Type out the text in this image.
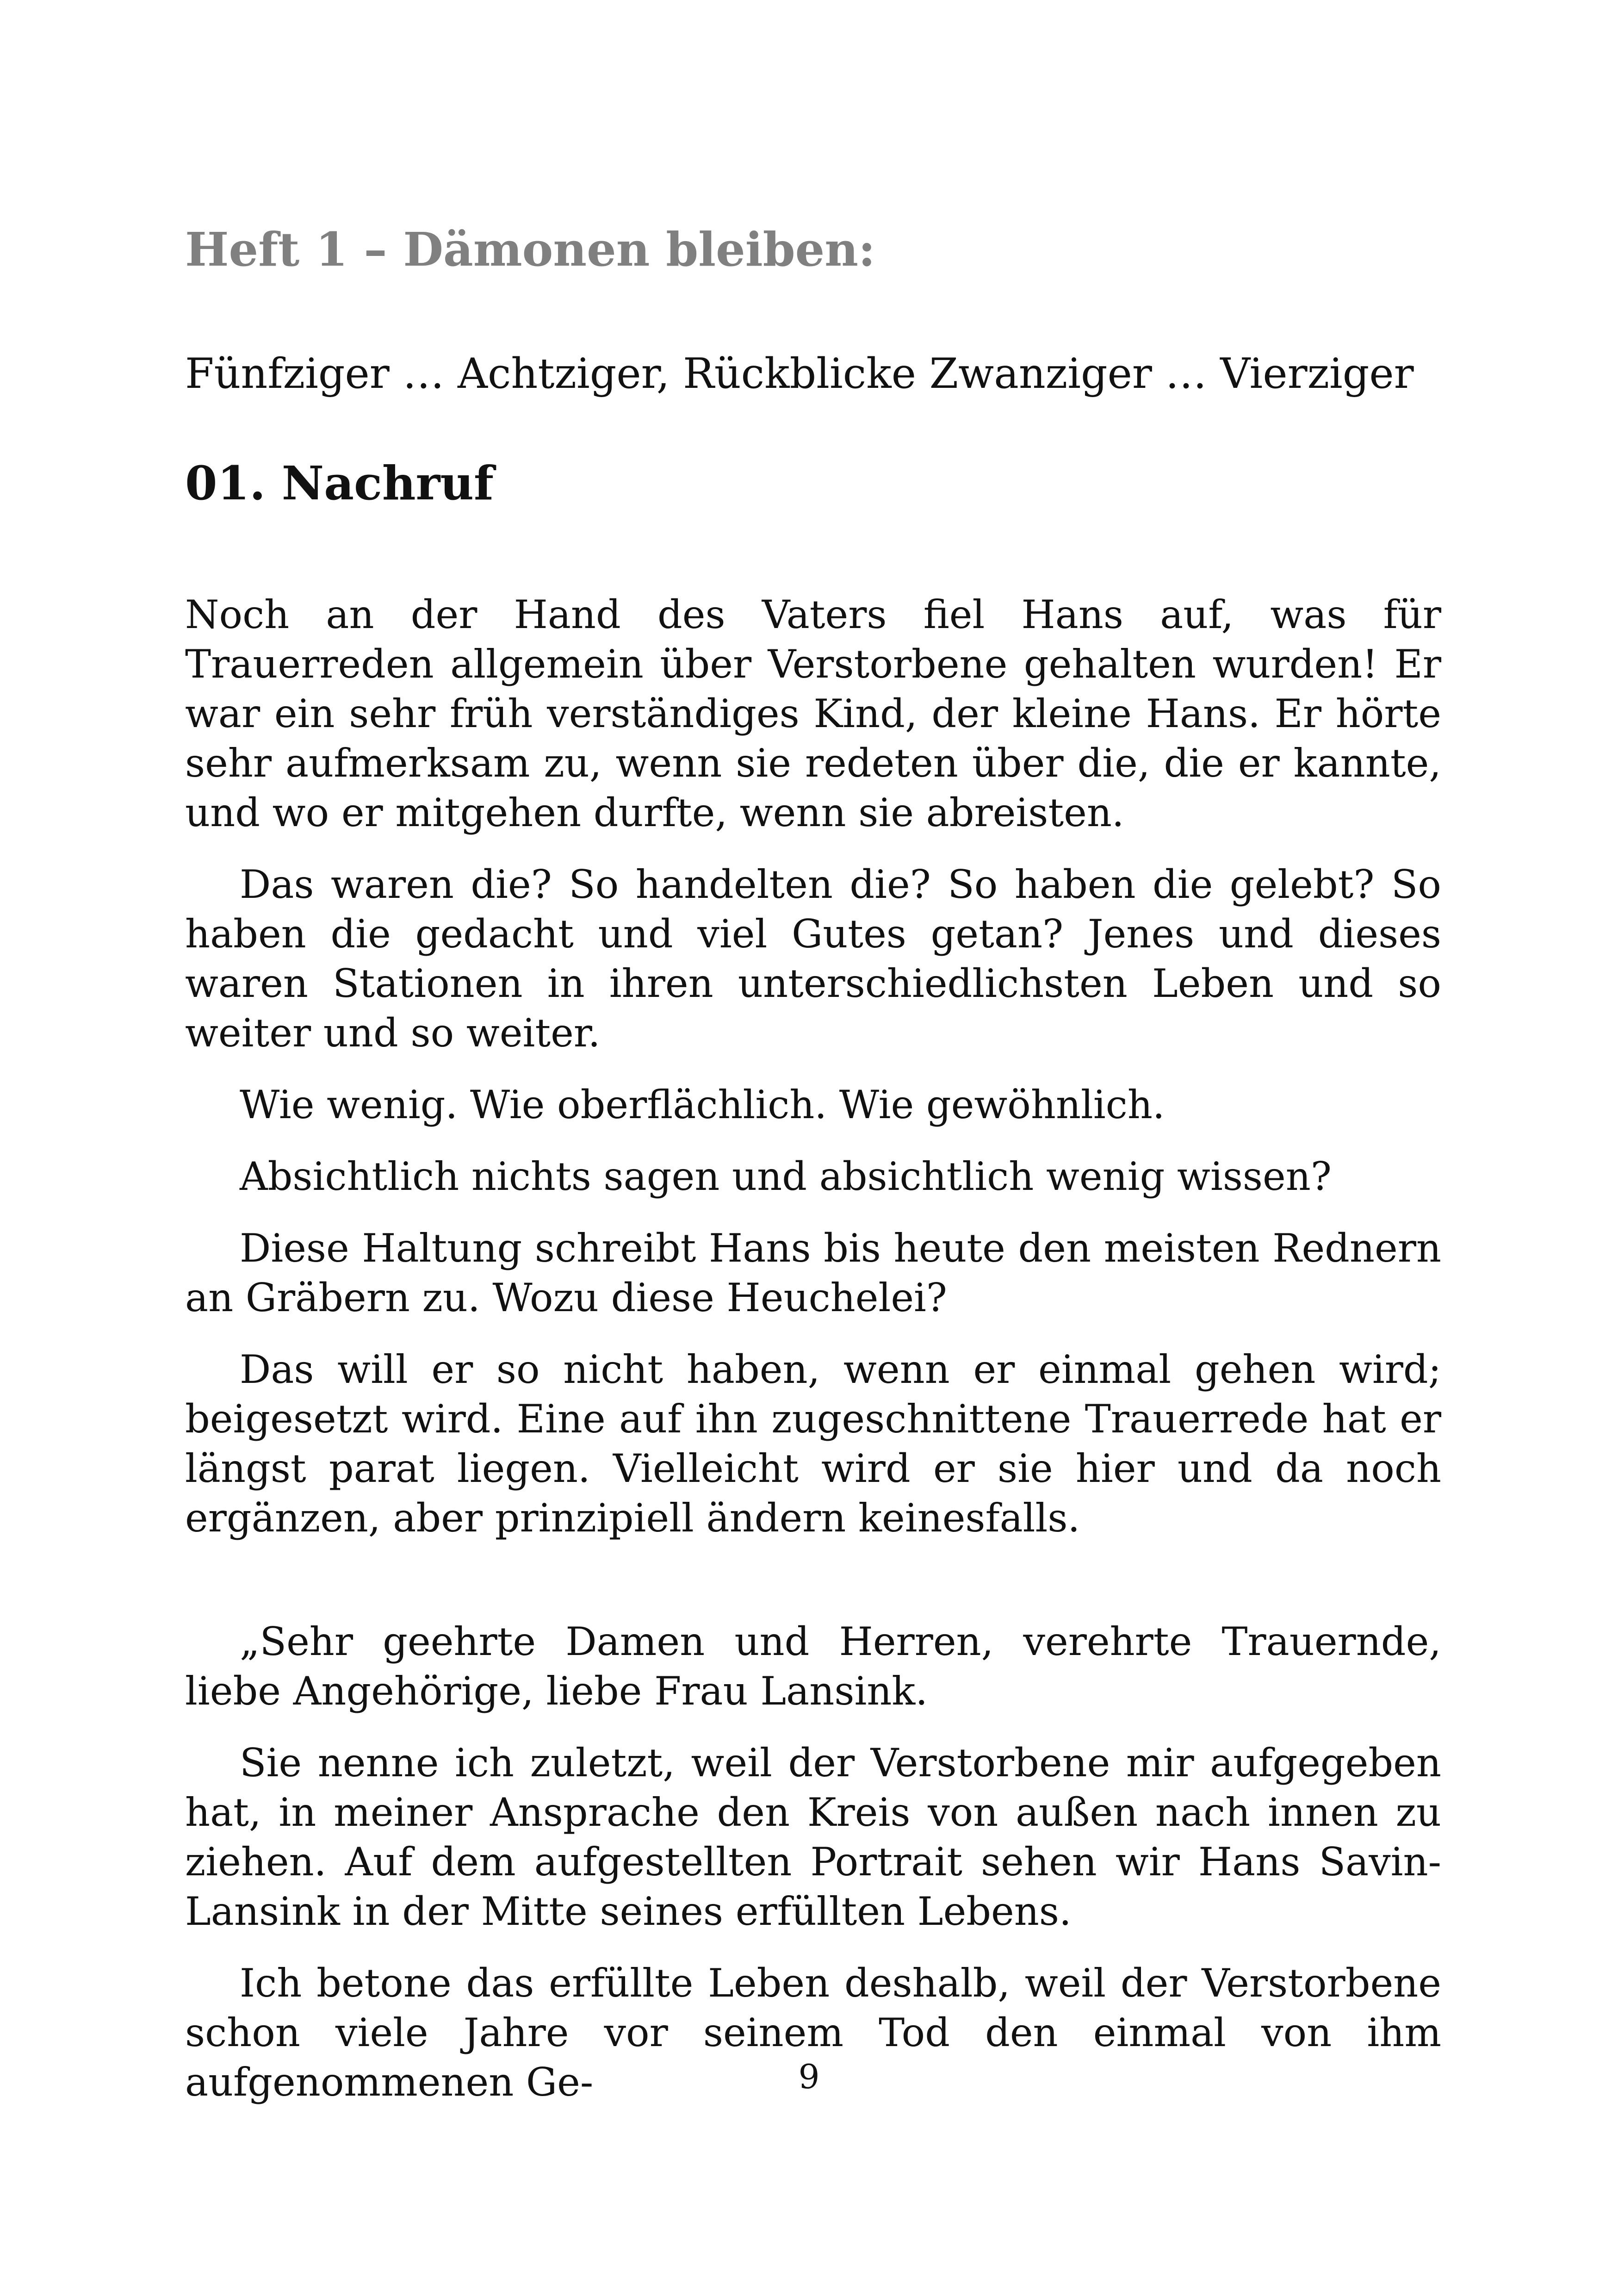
Heft 1 – Dämonen bleiben:

Fünfziger … Achtziger, Rückblicke Zwanziger … Vierziger

01. Nachruf

Noch an der Hand des Vaters fiel Hans auf, was für Trauerreden allgemein über Verstorbene gehalten wurden! Er war ein sehr früh verständiges Kind, der kleine Hans. Er hörte sehr aufmerksam zu, wenn sie redeten über die, die er kannte, und wo er mitgehen durfte, wenn sie abreisten.

Das waren die? So handelten die? So haben die gelebt? So haben die gedacht und viel Gutes getan? Jenes und dieses waren Stationen in ihren unterschiedlichsten Leben und so weiter und so weiter.

Wie wenig. Wie oberflächlich. Wie gewöhnlich.

Absichtlich nichts sagen und absichtlich wenig wissen?

Diese Haltung schreibt Hans bis heute den meisten Rednern an Gräbern zu. Wozu diese Heuchelei?

Das will er so nicht haben, wenn er einmal gehen wird; beigesetzt wird. Eine auf ihn zugeschnittene Trauerrede hat er längst parat liegen. Vielleicht wird er sie hier und da noch ergänzen, aber prinzipiell ändern keinesfalls.

„Sehr geehrte Damen und Herren, verehrte Trauernde, liebe Angehörige, liebe Frau Lansink.

Sie nenne ich zuletzt, weil der Verstorbene mir aufgegeben hat, in meiner Ansprache den Kreis von außen nach innen zu ziehen. Auf dem aufgestellten Portrait sehen wir Hans Savin-Lansink in der Mitte seines erfüllten Lebens.

Ich betone das erfüllte Leben deshalb, weil der Verstorbene schon viele Jahre vor seinem Tod den einmal von ihm aufgenommenen Ge-	9
